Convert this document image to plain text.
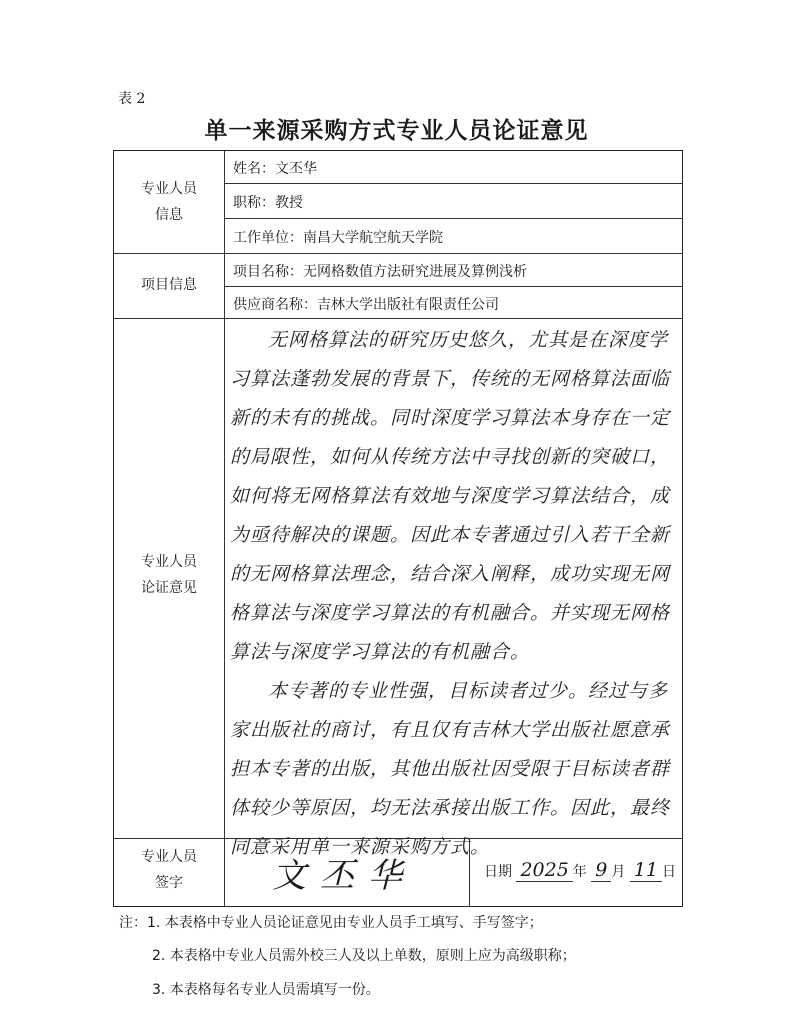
表 2
单一来源采购方式专业人员论证意见
专业人员
信息
姓名：文丕华
职称：教授
工作单位：南昌大学航空航天学院
项目信息
项目名称：无网格数值方法研究进展及算例浅析
供应商名称：吉林大学出版社有限责任公司
专业人员
论证意见

无网格算法的研究历史悠久，尤其是在深度学习算法蓬勃发展的背景下，传统的无网格算法面临新的未有的挑战。同时深度学习算法本身存在一定的局限性，如何从传统方法中寻找创新的突破口，如何将无网格算法有效地与深度学习算法结合，成为亟待解决的课题。因此本专著通过引入若干全新的无网格算法理念，结合深入阐释，成功实现无网格算法与深度学习算法的有机融合。并实现无网格算法与深度学习算法的有机融合。

本专著的专业性强，目标读者过少。经过与多家出版社的商讨，有且仅有吉林大学出版社愿意承担本专著的出版，其他出版社因受限于目标读者群体较少等原因，均无法承接出版工作。因此，最终同意采用单一来源采购方式。

专业人员
签字	文丕华	日期 2025 年 9 月 11 日
注：1. 本表格中专业人员论证意见由专业人员手工填写、手写签字；
2. 本表格中专业人员需外校三人及以上单数，原则上应为高级职称；
3. 本表格每名专业人员需填写一份。
